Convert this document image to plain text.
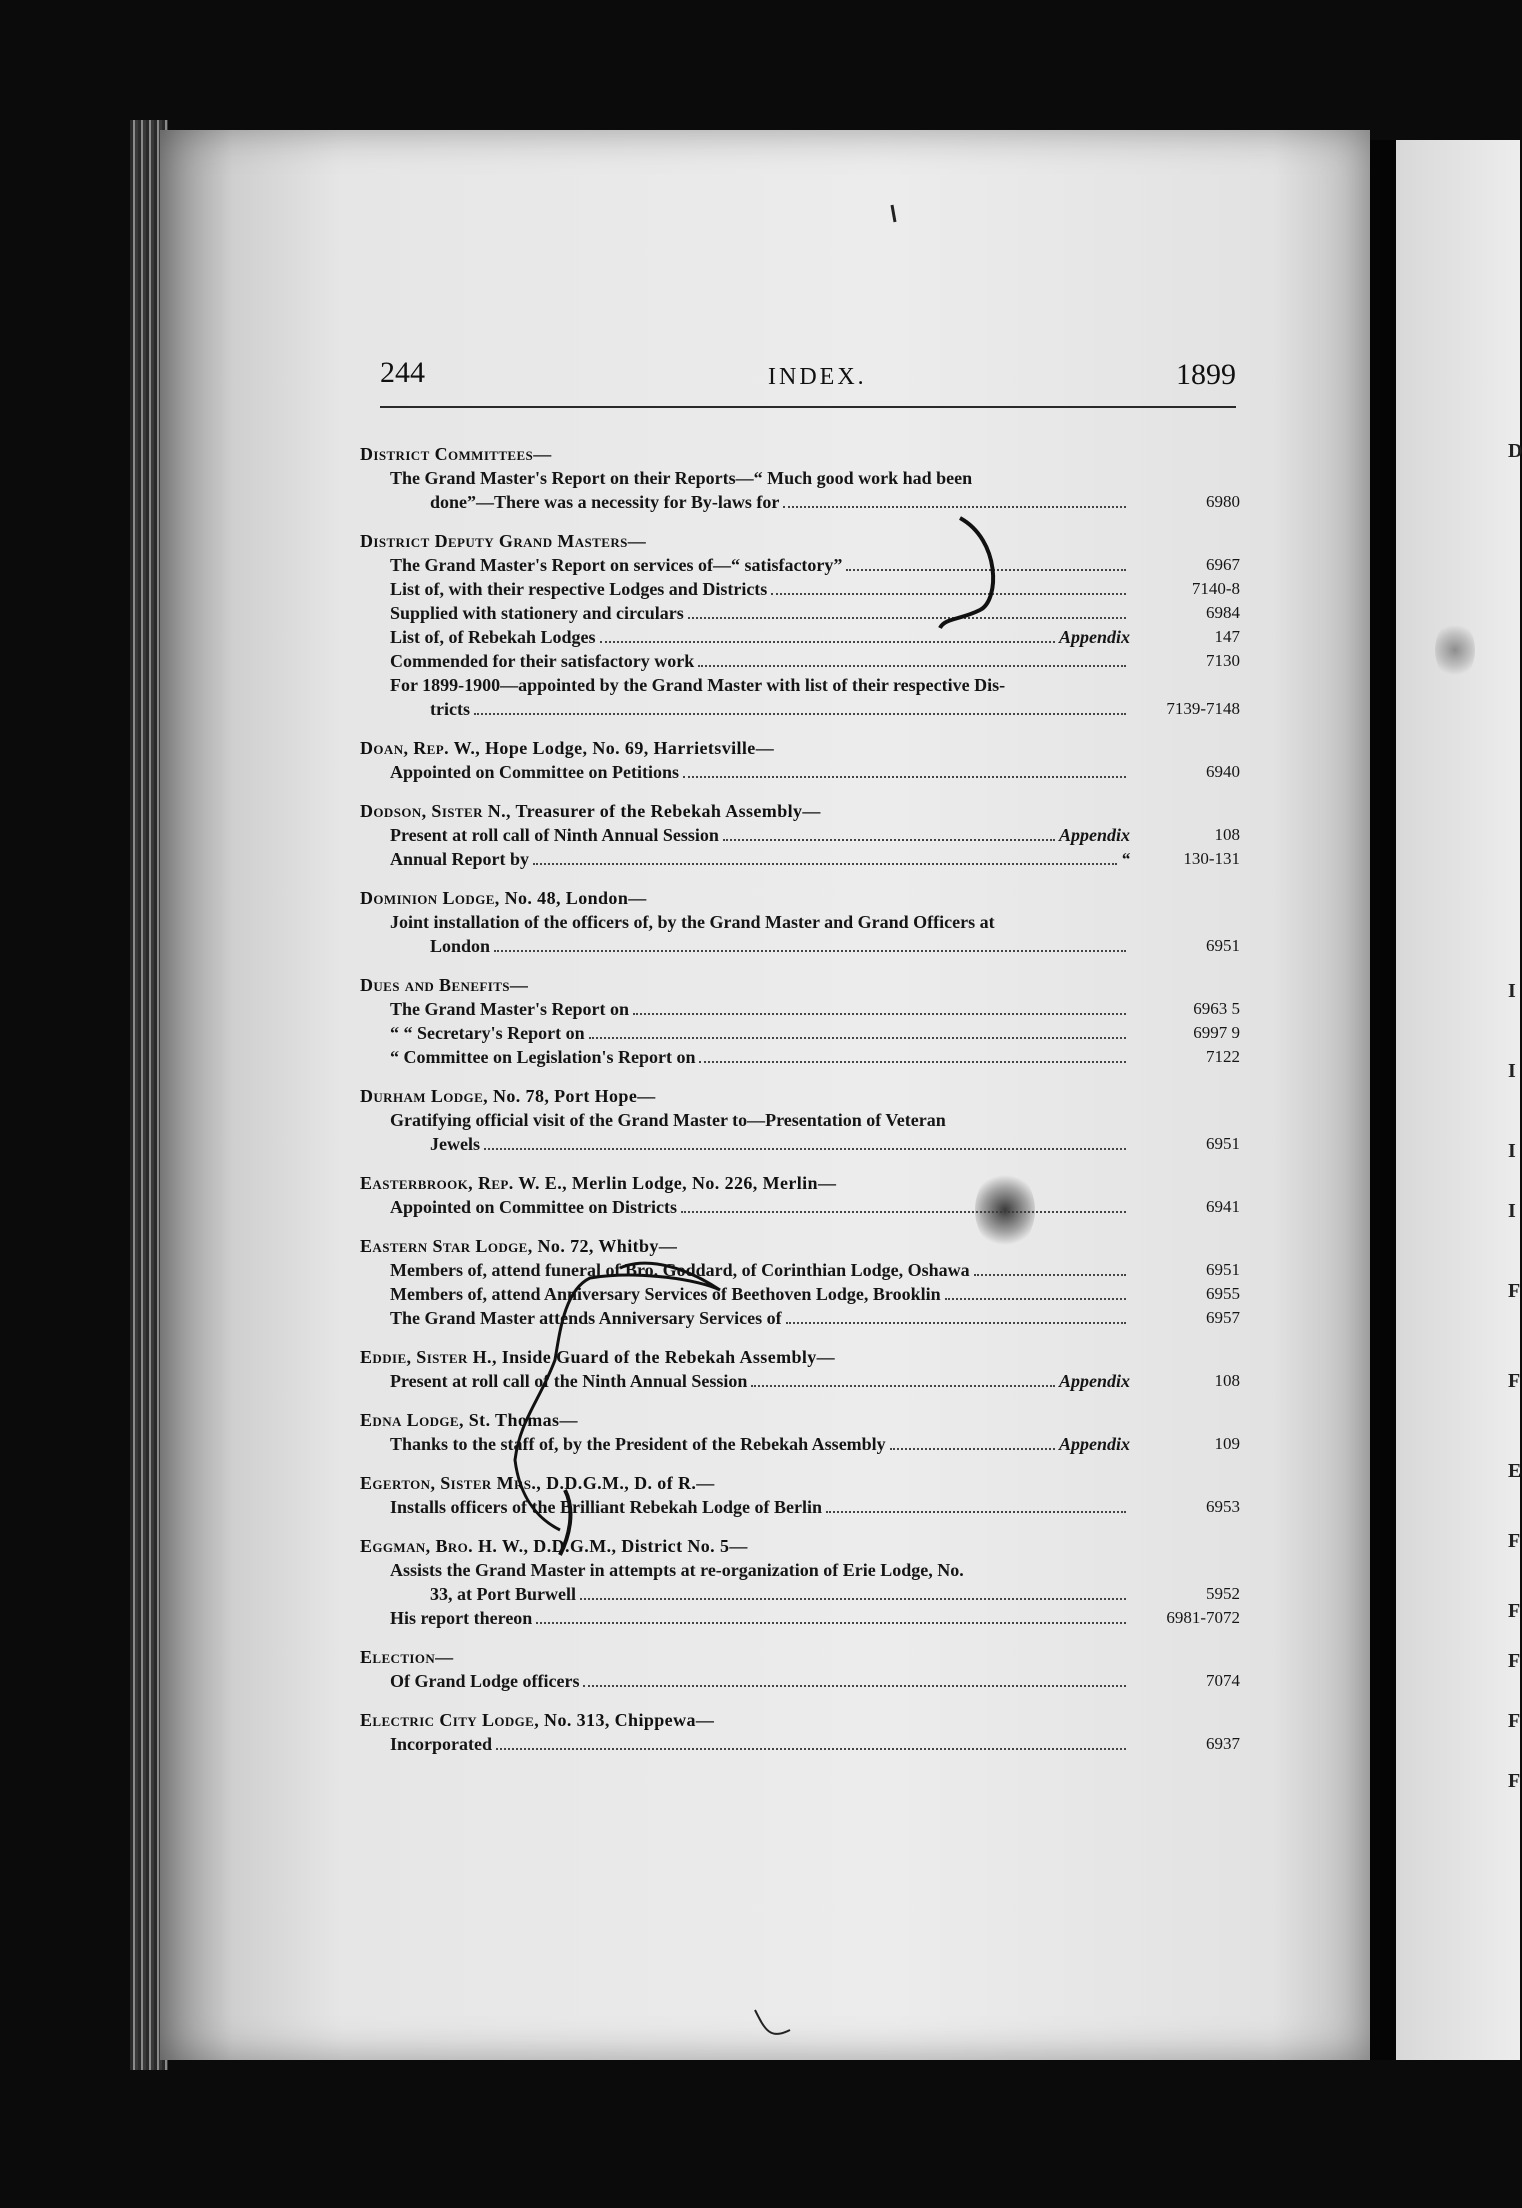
D
I
I
I
I
F
F
E
F
F
F
F
F
244	INDEX.	1899
District Committees—
The Grand Master's Report on their Reports—“ Much good work had been
done”—There was a necessity for By-laws for	6980
District Deputy Grand Masters—
The Grand Master's Report on services of—“ satisfactory”	6967
List of, with their respective Lodges and Districts	7140-8
Supplied with stationery and circulars	6984
List of, of Rebekah Lodges	Appendix	147
Commended for their satisfactory work	7130
For 1899-1900—appointed by the Grand Master with list of their respective Dis-
tricts	7139-7148
Doan, Rep. W., Hope Lodge, No. 69, Harrietsville—
Appointed on Committee on Petitions	6940
Dodson, Sister N., Treasurer of the Rebekah Assembly—
Present at roll call of Ninth Annual Session	Appendix	108
Annual Report by	“	130-131
Dominion Lodge, No. 48, London—
Joint installation of the officers of, by the Grand Master and Grand Officers at
London	6951
Dues and Benefits—
The Grand Master's Report on	6963 5
“ “ Secretary's Report on	6997 9
“ Committee on Legislation's Report on	7122
Durham Lodge, No. 78, Port Hope—
Gratifying official visit of the Grand Master to—Presentation of Veteran
Jewels	6951
Easterbrook, Rep. W. E., Merlin Lodge, No. 226, Merlin—
Appointed on Committee on Districts	6941
Eastern Star Lodge, No. 72, Whitby—
Members of, attend funeral of Bro. Goddard, of Corinthian Lodge, Oshawa	6951
Members of, attend Anniversary Services of Beethoven Lodge, Brooklin	6955
The Grand Master attends Anniversary Services of	6957
Eddie, Sister H., Inside Guard of the Rebekah Assembly—
Present at roll call of the Ninth Annual Session	Appendix	108
Edna Lodge, St. Thomas—
Thanks to the staff of, by the President of the Rebekah Assembly	Appendix	109
Egerton, Sister Mrs., D.D.G.M., D. of R.—
Installs officers of the Brilliant Rebekah Lodge of Berlin	6953
Eggman, Bro. H. W., D.D.G.M., District No. 5—
Assists the Grand Master in attempts at re-organization of Erie Lodge, No.
33, at Port Burwell	5952
His report thereon	6981-7072
Election—
Of Grand Lodge officers	7074
Electric City Lodge, No. 313, Chippewa—
Incorporated	6937
